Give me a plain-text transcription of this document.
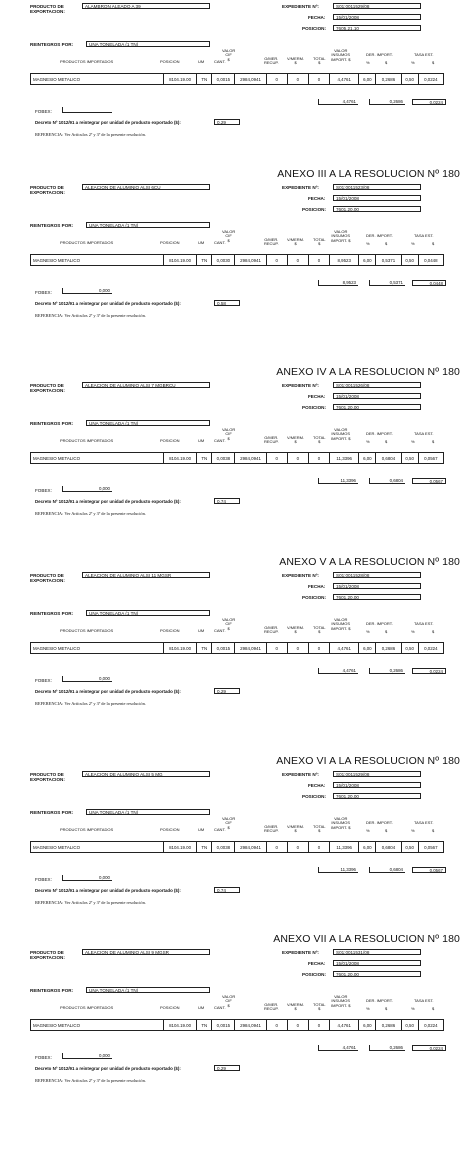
PRODUCTO DE
EXPORTACION:
ALAMBRON ALEADO A 39	EXPEDIENTE Nº:	S01:0011529/08
FECHA:	15/01/2008
POSICION:	7605.21.10
REINTEGROS POR:	UNA TONELADA (1 TN)
VALOR
CIF
$
VALOR
INSUMOS
IMPORT. $
PRODUCTOS IMPORTADOS	POSICION	UM CANT.
G/MER.
RECUP.
V/MERM.
$
TOTAL
$
DER. IMPORT.	TASA EST.
%	$	%	$
MAGNESIO METALICO	8104.19.00	TN	0,0015	2984,0941	0	0	0	4,4761	6,00	0,2686	0,50	0,0224
4,4761	0,2686	0,0224
FOBEX:
Decreto Nº 1012/91 a reintegrar por unidad de producto exportado ($):	0,29
REFERENCIA: Ver Artículos 2º y 3º de la presente resolución.
ANEXO III A LA RESOLUCION Nº 180
PRODUCTO DE
EXPORTACION:
ALEACION DE ALUMINIO ALSI 6CU	EXPEDIENTE Nº:	S01:0011523/08
FECHA:	15/01/2008
POSICION:	7601.20.00
REINTEGROS POR:	UNA TONELADA (1 TN)
VALOR
CIF
$
VALOR
INSUMOS
IMPORT. $
PRODUCTOS IMPORTADOS	POSICION	UM CANT.
G/MER.
RECUP.
V/MERM.
$
TOTAL
$
DER. IMPORT.	TASA EST.
%	$	%	$
MAGNESIO METALICO	8104.19.00	TN	0,0030	2984,0941	0	0	0	8,9523	6,00	0,5371	0,50	0,0448
8,9523	0,5371	0,0448
FOBEX:	0,000
Decreto Nº 1012/91 a reintegrar por unidad de producto exportado ($):	0,58
REFERENCIA: Ver Artículos 2º y 3º de la presente resolución.
ANEXO IV A LA RESOLUCION Nº 180
PRODUCTO DE
EXPORTACION:
ALEACION DE ALUMINIO ALSI 7 MGBRCU	EXPEDIENTE Nº:	S01:0011526/08
FECHA:	15/01/2008
POSICION:	7601.20.00
REINTEGROS POR:	UNA TONELADA (1 TN)
VALOR
CIF
$
VALOR
INSUMOS
IMPORT. $
PRODUCTOS IMPORTADOS	POSICION	UM CANT.
G/MER.
RECUP.
V/MERM.
$
TOTAL
$
DER. IMPORT.	TASA EST.
%	$	%	$
MAGNESIO METALICO	8104.19.00	TN	0,0038	2984,0941	0	0	0	11,3396	6,00	0,6804	0,50	0,0567
11,3396	0,6804	0,0567
FOBEX:	0,000
Decreto Nº 1012/91 a reintegrar por unidad de producto exportado ($):	0,74
REFERENCIA: Ver Artículos 2º y 3º de la presente resolución.
ANEXO V A LA RESOLUCION Nº 180
PRODUCTO DE
EXPORTACION:
ALEACION DE ALUMINIO ALSI 11 MGSR	EXPEDIENTE Nº:	S01:0011528/08
FECHA:	15/01/2008
POSICION:	7601.20.00
REINTEGROS POR:	UNA TONELADA (1 TN)
VALOR
CIF
$
VALOR
INSUMOS
IMPORT. $
PRODUCTOS IMPORTADOS	POSICION	UM CANT.
G/MER.
RECUP.
V/MERM.
$
TOTAL
$
DER. IMPORT.	TASA EST.
%	$	%	$
MAGNESIO METALICO	8104.19.00	TN	0,0015	2984,0941	0	0	0	4,4761	6,00	0,2686	0,50	0,0224
4,4761	0,2686	0,0224
FOBEX:	0,000
Decreto Nº 1012/91 a reintegrar por unidad de producto exportado ($):	0,29
REFERENCIA: Ver Artículos 2º y 3º de la presente resolución.
ANEXO VI A LA RESOLUCION Nº 180
PRODUCTO DE
EXPORTACION:
ALEACION DE ALUMINIO ALSI 5 MG	EXPEDIENTE Nº:	S01:0011529/08
FECHA:	15/01/2008
POSICION:	7601.20.00
REINTEGROS POR:	UNA TONELADA (1 TN)
VALOR
CIF
$
VALOR
INSUMOS
IMPORT. $
PRODUCTOS IMPORTADOS	POSICION	UM CANT.
G/MER.
RECUP.
V/MERM.
$
TOTAL
$
DER. IMPORT.	TASA EST.
%	$	%	$
MAGNESIO METALICO	8104.19.00	TN	0,0038	2984,0941	0	0	0	11,3396	6,00	0,6804	0,50	0,0567
11,3396	0,6804	0,0567
FOBEX:	0,000
Decreto Nº 1012/91 a reintegrar por unidad de producto exportado ($):	0,74
REFERENCIA: Ver Artículos 2º y 3º de la presente resolución.
ANEXO VII A LA RESOLUCION Nº 180
PRODUCTO DE
EXPORTACION:
ALEACION DE ALUMINIO ALSI 9 MGSR	EXPEDIENTE Nº:	S01:0011531/08
FECHA:	15/01/2008
POSICION:	7601.20.00
REINTEGROS POR:	UNA TONELADA (1 TN)
VALOR
CIF
$
VALOR
INSUMOS
IMPORT. $
PRODUCTOS IMPORTADOS	POSICION	UM CANT.
G/MER.
RECUP.
V/MERM.
$
TOTAL
$
DER. IMPORT.	TASA EST.
%	$	%	$
MAGNESIO METALICO	8104.19.00	TN	0,0015	2984,0941	0	0	0	4,4761	6,00	0,2686	0,50	0,0224
4,4761	0,2686	0,0224
FOBEX:	0,000
Decreto Nº 1012/91 a reintegrar por unidad de producto exportado ($):	0,29
REFERENCIA: Ver Artículos 2º y 3º de la presente resolución.
